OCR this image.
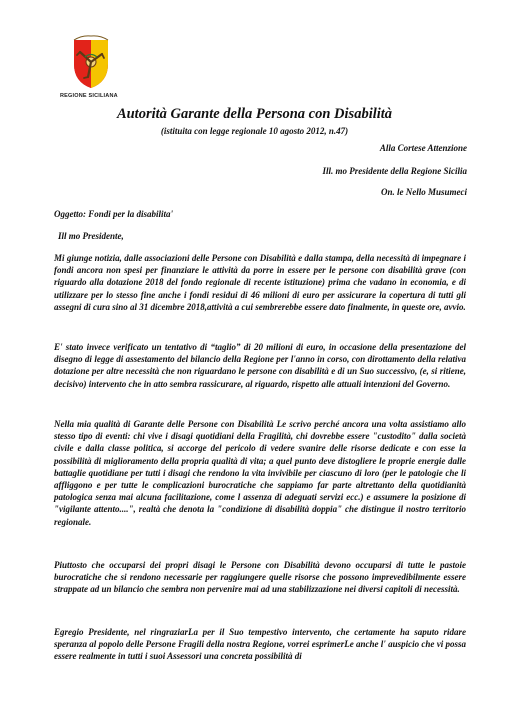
REGIONE SICILIANA
Autorità Garante della Persona con Disabilità
(istituita con legge regionale 10 agosto 2012, n.47)
Alla Cortese Attenzione
Ill. mo Presidente della Regione Sicilia
On. le Nello Musumeci
Oggetto: Fondi per la disabilita'
Ill mo Presidente,

Mi giunge notizia, dalle associazioni delle Persone con Disabilità e dalla stampa, della necessità di impegnare i fondi ancora non spesi per finanziare le attività da porre in essere per le persone con disabilità grave (con riguardo alla dotazione 2018 del fondo regionale di recente istituzione) prima che vadano in economia, e di utilizzare per lo stesso fine anche i fondi residui di 46 milioni di euro per assicurare la copertura di tutti gli assegni di cura sino al 31 dicembre 2018,attività a cui sembrerebbe essere dato finalmente, in queste ore, avvio.

E' stato invece verificato un tentativo di “taglio” di 20 milioni di euro, in occasione della presentazione del disegno di legge di assestamento del bilancio della Regione per l'anno in corso, con dirottamento della relativa dotazione per altre necessità che non riguardano le persone con disabilità e di un Suo successivo, (e, si ritiene, decisivo) intervento che in atto sembra rassicurare, al riguardo, rispetto alle attuali intenzioni del Governo.

Nella mia qualità di Garante delle Persone con Disabilità Le scrivo perché ancora una volta assistiamo allo stesso tipo di eventi: chi vive i disagi quotidiani della Fragilità, chi dovrebbe essere "custodito" dalla società civile e dalla classe politica, si accorge del pericolo di vedere svanire delle risorse dedicate e con esse la possibilità di miglioramento della propria qualità di vita; a quel punto deve distogliere le proprie energie dalle battaglie quotidiane per tutti i disagi che rendono la vita invivibile per ciascuno di loro (per le patologie che li affliggono e per tutte le complicazioni burocratiche che sappiamo far parte altrettanto della quotidianità patologica senza mai alcuna facilitazione, come l assenza di adeguati servizi ecc.) e assumere la posizione di "vigilante attento....", realtà che denota la "condizione di disabilità doppia" che distingue il nostro territorio regionale.

Piuttosto che occuparsi dei propri disagi le Persone con Disabilità devono occuparsi di tutte le pastoie burocratiche che si rendono necessarie per raggiungere quelle risorse che possono imprevedibilmente essere strappate ad un bilancio che sembra non pervenire mai ad una stabilizzazione nei diversi capitoli di necessità.

Egregio Presidente, nel ringraziarLa per il Suo tempestivo intervento, che certamente ha saputo ridare speranza al popolo delle Persone Fragili della nostra Regione, vorrei esprimerLe anche l' auspicio che vi possa essere realmente in tutti i suoi Assessori una concreta possibilità di
